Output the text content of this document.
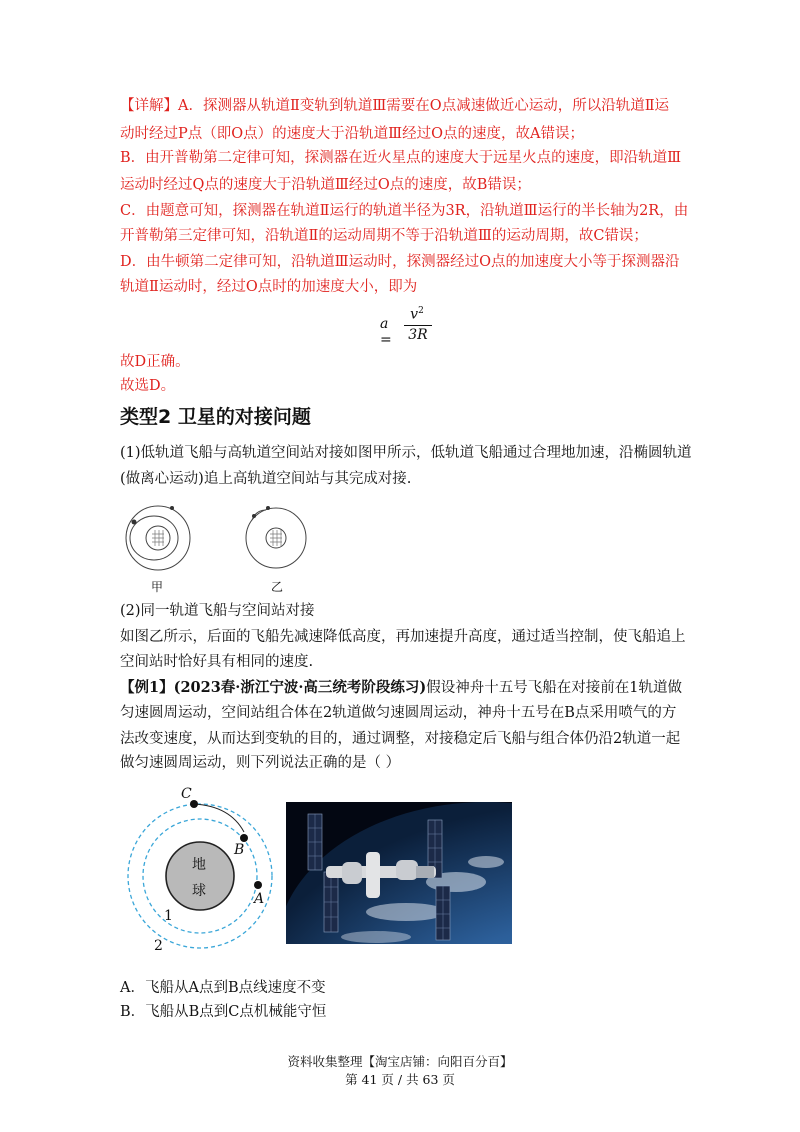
【详解】A．探测器从轨道Ⅱ变轨到轨道Ⅲ需要在O点减速做近心运动，所以沿轨道Ⅱ运
动时经过P点（即O点）的速度大于沿轨道Ⅲ经过O点的速度，故A错误；
B．由开普勒第二定律可知，探测器在近火星点的速度大于远星火点的速度，即沿轨道Ⅲ
运动时经过Q点的速度大于沿轨道Ⅲ经过O点的速度，故B错误；
C．由题意可知，探测器在轨道Ⅱ运行的轨道半径为3R，沿轨道Ⅲ运行的半长轴为2R，由
开普勒第三定律可知，沿轨道Ⅱ的运动周期不等于沿轨道Ⅲ的运动周期，故C错误；
D．由牛顿第二定律可知，沿轨道Ⅲ运动时，探测器经过O点的加速度大小等于探测器沿
轨道Ⅱ运动时，经过O点时的加速度大小，即为
a =
$v^2$
3R
故D正确。
故选D。
类型2 卫星的对接问题
(1)低轨道飞船与高轨道空间站对接如图甲所示，低轨道飞船通过合理地加速，沿椭圆轨道
(做离心运动)追上高轨道空间站与其完成对接.
甲	乙
(2)同一轨道飞船与空间站对接
如图乙所示，后面的飞船先减速降低高度，再加速提升高度，通过适当控制，使飞船追上
空间站时恰好具有相同的速度.
【例1】(2023春·浙江宁波·高三统考阶段练习)假设神舟十五号飞船在对接前在1轨道做
匀速圆周运动，空间站组合体在2轨道做匀速圆周运动，神舟十五号在B点采用喷气的方
法改变速度，从而达到变轨的目的，通过调整，对接稳定后飞船与组合体仍沿2轨道一起
做匀速圆周运动，则下列说法正确的是（ ）
地
球
C
B
A
1
2
A．飞船从A点到B点线速度不变
B．飞船从B点到C点机械能守恒
资料收集整理【淘宝店铺：向阳百分百】
第 41 页 / 共 63 页
